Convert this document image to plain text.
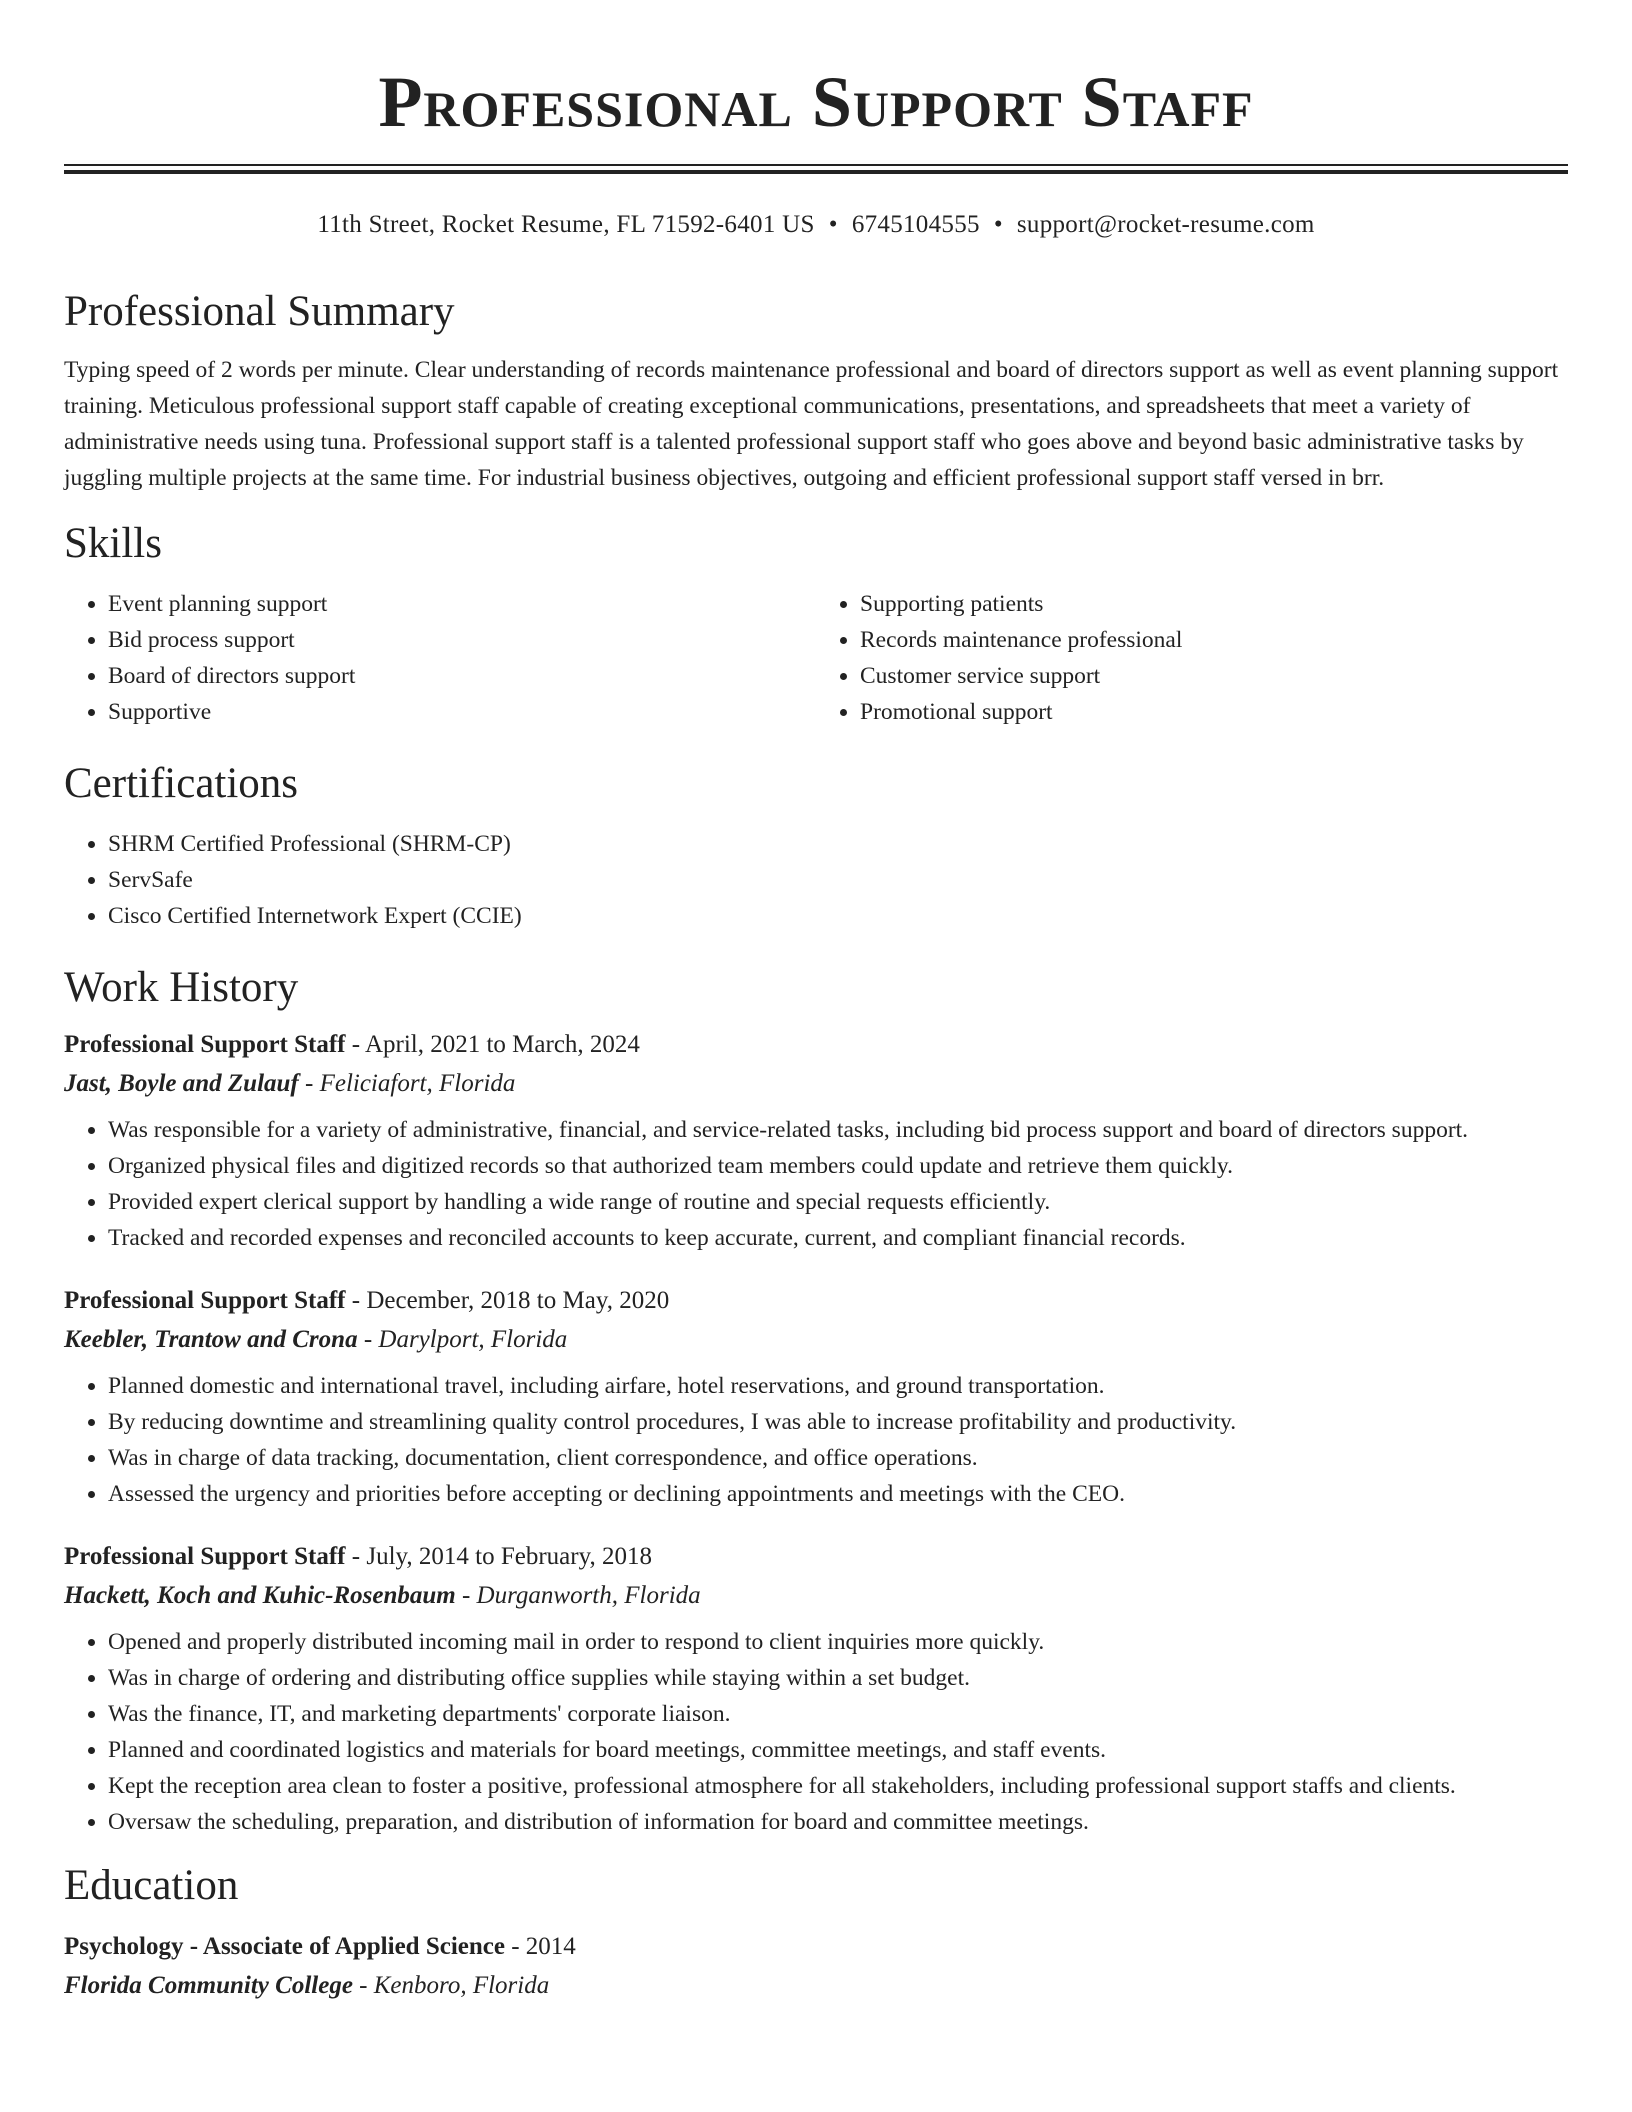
Professional Support Staff
11th Street, Rocket Resume, FL 71592-6401 US • 6745104555 • support@rocket-resume.com
Professional Summary

Typing speed of 2 words per minute. Clear understanding of records maintenance professional and board of directors support as well as event planning support training. Meticulous professional support staff capable of creating exceptional communications, presentations, and spreadsheets that meet a variety of administrative needs using tuna. Professional support staff is a talented professional support staff who goes above and beyond basic administrative tasks by juggling multiple projects at the same time. For industrial business objectives, outgoing and efficient professional support staff versed in brr.

Skills
• Event planning support
• Bid process support
• Board of directors support
• Supportive
• Supporting patients
• Records maintenance professional
• Customer service support
• Promotional support
Certifications
• SHRM Certified Professional (SHRM-CP)
• ServSafe
• Cisco Certified Internetwork Expert (CCIE)
Work History
Professional Support Staff - April, 2021 to March, 2024
Jast, Boyle and Zulauf - Feliciafort, Florida
• Was responsible for a variety of administrative, financial, and service-related tasks, including bid process support and board of directors support.
• Organized physical files and digitized records so that authorized team members could update and retrieve them quickly.
• Provided expert clerical support by handling a wide range of routine and special requests efficiently.
• Tracked and recorded expenses and reconciled accounts to keep accurate, current, and compliant financial records.
Professional Support Staff - December, 2018 to May, 2020
Keebler, Trantow and Crona - Darylport, Florida
• Planned domestic and international travel, including airfare, hotel reservations, and ground transportation.
• By reducing downtime and streamlining quality control procedures, I was able to increase profitability and productivity.
• Was in charge of data tracking, documentation, client correspondence, and office operations.
• Assessed the urgency and priorities before accepting or declining appointments and meetings with the CEO.
Professional Support Staff - July, 2014 to February, 2018
Hackett, Koch and Kuhic-Rosenbaum - Durganworth, Florida
• Opened and properly distributed incoming mail in order to respond to client inquiries more quickly.
• Was in charge of ordering and distributing office supplies while staying within a set budget.
• Was the finance, IT, and marketing departments' corporate liaison.
• Planned and coordinated logistics and materials for board meetings, committee meetings, and staff events.
• Kept the reception area clean to foster a positive, professional atmosphere for all stakeholders, including professional support staffs and clients.
• Oversaw the scheduling, preparation, and distribution of information for board and committee meetings.
Education
Psychology - Associate of Applied Science - 2014
Florida Community College - Kenboro, Florida
